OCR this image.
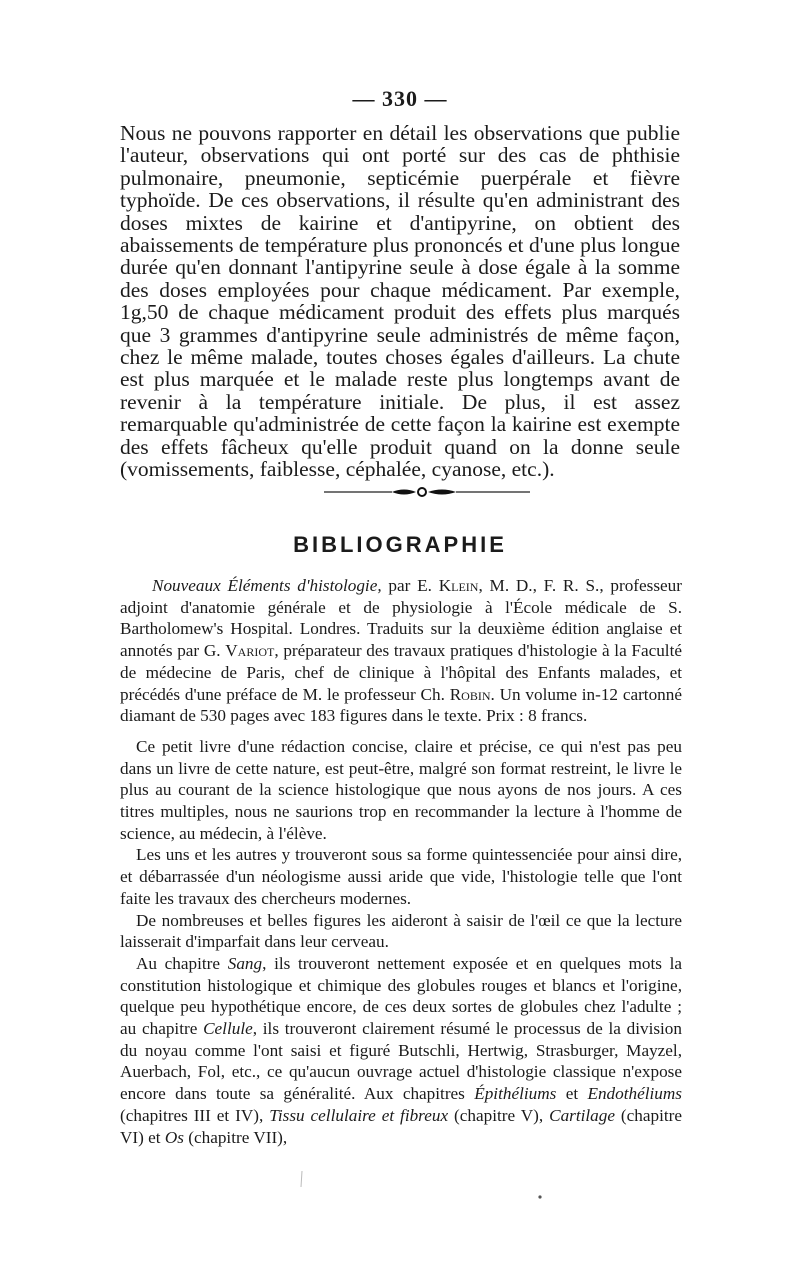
— 330 —

Nous ne pouvons rapporter en détail les observations que publie l'auteur, observations qui ont porté sur des cas de phthisie pulmonaire, pneumonie, septicémie puerpérale et fièvre typhoïde. De ces observations, il résulte qu'en administrant des doses mixtes de kairine et d'antipyrine, on obtient des abaissements de température plus prononcés et d'une plus longue durée qu'en donnant l'antipyrine seule à dose égale à la somme des doses employées pour chaque médicament. Par exemple, 1g,50 de chaque médicament produit des effets plus marqués que 3 grammes d'antipyrine seule administrés de même façon, chez le même malade, toutes choses égales d'ailleurs. La chute est plus marquée et le malade reste plus longtemps avant de revenir à la température initiale. De plus, il est assez remarquable qu'administrée de cette façon la kairine est exempte des effets fâcheux qu'elle produit quand on la donne seule (vomissements, faiblesse, céphalée, cyanose, etc.).

BIBLIOGRAPHIE

Nouveaux Éléments d'histologie, par E. Klein, M. D., F. R. S., professeur adjoint d'anatomie générale et de physiologie à l'École médicale de S. Bartholomew's Hospital. Londres. Traduits sur la deuxième édition anglaise et annotés par G. Variot, préparateur des travaux pratiques d'histologie à la Faculté de médecine de Paris, chef de clinique à l'hôpital des Enfants malades, et précédés d'une préface de M. le professeur Ch. Robin. Un volume in-12 cartonné diamant de 530 pages avec 183 figures dans le texte. Prix : 8 francs.

Ce petit livre d'une rédaction concise, claire et précise, ce qui n'est pas peu dans un livre de cette nature, est peut-être, malgré son format restreint, le livre le plus au courant de la science histologique que nous ayons de nos jours. A ces titres multiples, nous ne saurions trop en recommander la lecture à l'homme de science, au médecin, à l'élève.

Les uns et les autres y trouveront sous sa forme quintessenciée pour ainsi dire, et débarrassée d'un néologisme aussi aride que vide, l'histologie telle que l'ont faite les travaux des chercheurs modernes.

De nombreuses et belles figures les aideront à saisir de l'œil ce que la lecture laisserait d'imparfait dans leur cerveau.

Au chapitre Sang, ils trouveront nettement exposée et en quelques mots la constitution histologique et chimique des globules rouges et blancs et l'origine, quelque peu hypothétique encore, de ces deux sortes de globules chez l'adulte ; au chapitre Cellule, ils trouveront clairement résumé le processus de la division du noyau comme l'ont saisi et figuré Butschli, Hertwig, Strasburger, Mayzel, Auerbach, Fol, etc., ce qu'aucun ouvrage actuel d'histologie classique n'expose encore dans toute sa généralité. Aux chapitres Épithéliums et Endothéliums (chapitres III et IV), Tissu cellulaire et fibreux (chapitre V), Cartilage (chapitre VI) et Os (chapitre VII),
